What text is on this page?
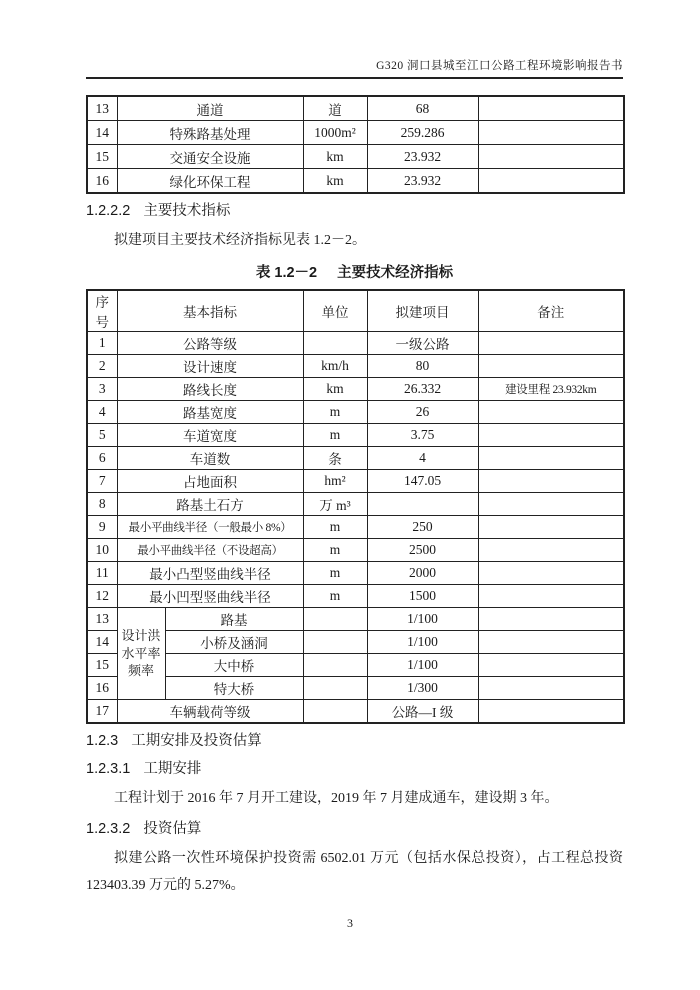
G320 洞口县城至江口公路工程环境影响报告书
13	通道	道	68	
14	特殊路基处理	1000m²	259.286	
15	交通安全设施	km	23.932	
16	绿化环保工程	km	23.932	
1.2.2.2 主要技术指标
拟建项目主要技术经济指标见表 1.2－2。
表 1.2－2 主要技术经济指标
序号	基本指标		单位	拟建项目	备注
1	公路等级			一级公路	
2	设计速度		km/h	80	
3	路线长度		km	26.332	建设里程 23.932km
4	路基宽度		m	26	
5	车道宽度		m	3.75	
6	车道数		条	4	
7	占地面积		hm²	147.05	
8	路基土石方		万 m³		
9	最小平曲线半径（一般最小 8%）		m	250	
10	最小平曲线半径（不设超高）		m	2500	
11	最小凸型竖曲线半径		m	2000	
12	最小凹型竖曲线半径		m	1500	
13	设计洪
水平率
频率	路基		1/100	
14		小桥及涵洞		1/100	
15		大中桥		1/100	
16		特大桥		1/300	
17	车辆载荷等级			公路—I 级	
1.2.3 工期安排及投资估算
1.2.3.1 工期安排
工程计划于 2016 年 7 月开工建设，2019 年 7 月建成通车，建设期 3 年。
1.2.3.2 投资估算
拟建公路一次性环境保护投资需 6502.01 万元（包括水保总投资），占工程总投资 123403.39 万元的 5.27%。
3
